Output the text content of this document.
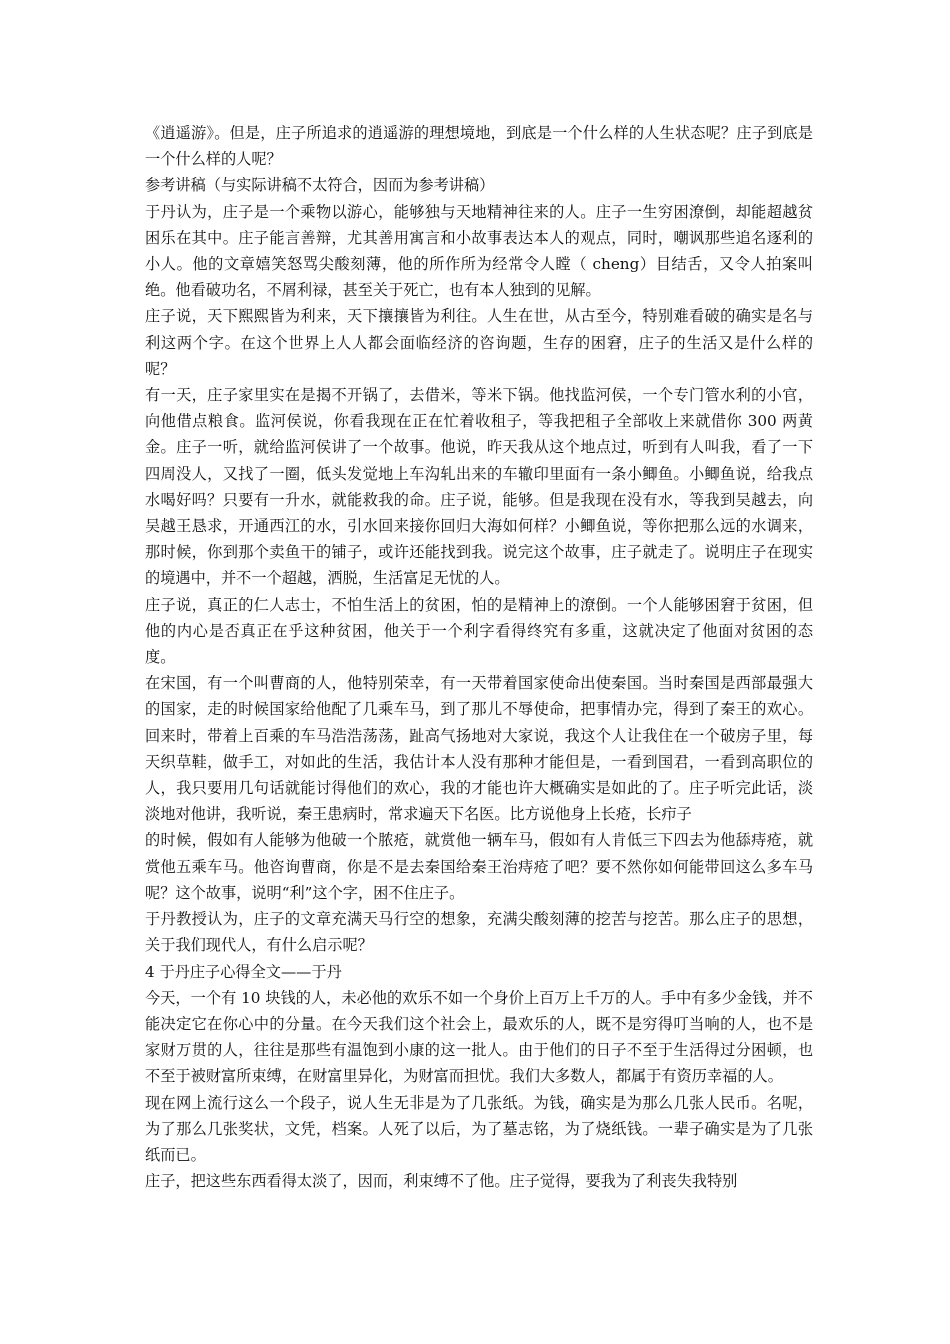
《逍遥游》。但是，庄子所追求的逍遥游的理想境地，到底是一个什么样的人生状态呢？庄子到底是一个什么样的人呢？

参考讲稿（与实际讲稿不太符合，因而为参考讲稿）

于丹认为，庄子是一个乘物以游心，能够独与天地精神往来的人。庄子一生穷困潦倒，却能超越贫困乐在其中。庄子能言善辩，尤其善用寓言和小故事表达本人的观点，同时，嘲讽那些追名逐利的小人。他的文章嬉笑怒骂尖酸刻薄，他的所作所为经常令人瞠（ cheng）目结舌，又令人拍案叫绝。他看破功名，不屑利禄，甚至关于死亡，也有本人独到的见解。

庄子说，天下熙熙皆为利来，天下攘攘皆为利往。人生在世，从古至今，特别难看破的确实是名与利这两个字。在这个世界上人人都会面临经济的咨询题，生存的困窘，庄子的生活又是什么样的呢？

有一天，庄子家里实在是揭不开锅了，去借米，等米下锅。他找监河侯，一个专门管水利的小官，向他借点粮食。监河侯说，你看我现在正在忙着收租子，等我把租子全部收上来就借你 300 两黄金。庄子一听，就给监河侯讲了一个故事。他说，昨天我从这个地点过，听到有人叫我，看了一下四周没人，又找了一圈，低头发觉地上车沟轧出来的车辙印里面有一条小鲫鱼。小鲫鱼说，给我点水喝好吗？只要有一升水，就能救我的命。庄子说，能够。但是我现在没有水，等我到吴越去，向吴越王恳求，开通西江的水，引水回来接你回归大海如何样？小鲫鱼说，等你把那么远的水调来，那时候，你到那个卖鱼干的铺子，或许还能找到我。说完这个故事，庄子就走了。说明庄子在现实的境遇中，并不一个超越，洒脱，生活富足无忧的人。

庄子说，真正的仁人志士，不怕生活上的贫困，怕的是精神上的潦倒。一个人能够困窘于贫困，但他的内心是否真正在乎这种贫困，他关于一个利字看得终究有多重，这就决定了他面对贫困的态度。

在宋国，有一个叫曹商的人，他特别荣幸，有一天带着国家使命出使秦国。当时秦国是西部最强大的国家，走的时候国家给他配了几乘车马，到了那儿不辱使命，把事情办完，得到了秦王的欢心。回来时，带着上百乘的车马浩浩荡荡，趾高气扬地对大家说，我这个人让我住在一个破房子里，每天织草鞋，做手工，对如此的生活，我估计本人没有那种才能但是，一看到国君，一看到高职位的人，我只要用几句话就能讨得他们的欢心，我的才能也许大概确实是如此的了。庄子听完此话，淡淡地对他讲，我听说，秦王患病时，常求遍天下名医。比方说他身上长疮，长疖子

的时候，假如有人能够为他破一个脓疮，就赏他一辆车马，假如有人肯低三下四去为他舔痔疮，就赏他五乘车马。他咨询曹商，你是不是去秦国给秦王治痔疮了吧？要不然你如何能带回这么多车马呢？这个故事，说明“利”这个字，困不住庄子。

于丹教授认为，庄子的文章充满天马行空的想象，充满尖酸刻薄的挖苦与挖苦。那么庄子的思想，关于我们现代人，有什么启示呢？

4 于丹庄子心得全文——于丹

今天，一个有 10 块钱的人，未必他的欢乐不如一个身价上百万上千万的人。手中有多少金钱，并不能决定它在你心中的分量。在今天我们这个社会上，最欢乐的人，既不是穷得叮当响的人，也不是家财万贯的人，往往是那些有温饱到小康的这一批人。由于他们的日子不至于生活得过分困顿，也不至于被财富所束缚，在财富里异化，为财富而担忧。我们大多数人，都属于有资历幸福的人。

现在网上流行这么一个段子，说人生无非是为了几张纸。为钱，确实是为那么几张人民币。名呢，为了那么几张奖状，文凭，档案。人死了以后，为了墓志铭，为了烧纸钱。一辈子确实是为了几张纸而已。

庄子，把这些东西看得太淡了，因而，利束缚不了他。庄子觉得，要我为了利丧失我特别
